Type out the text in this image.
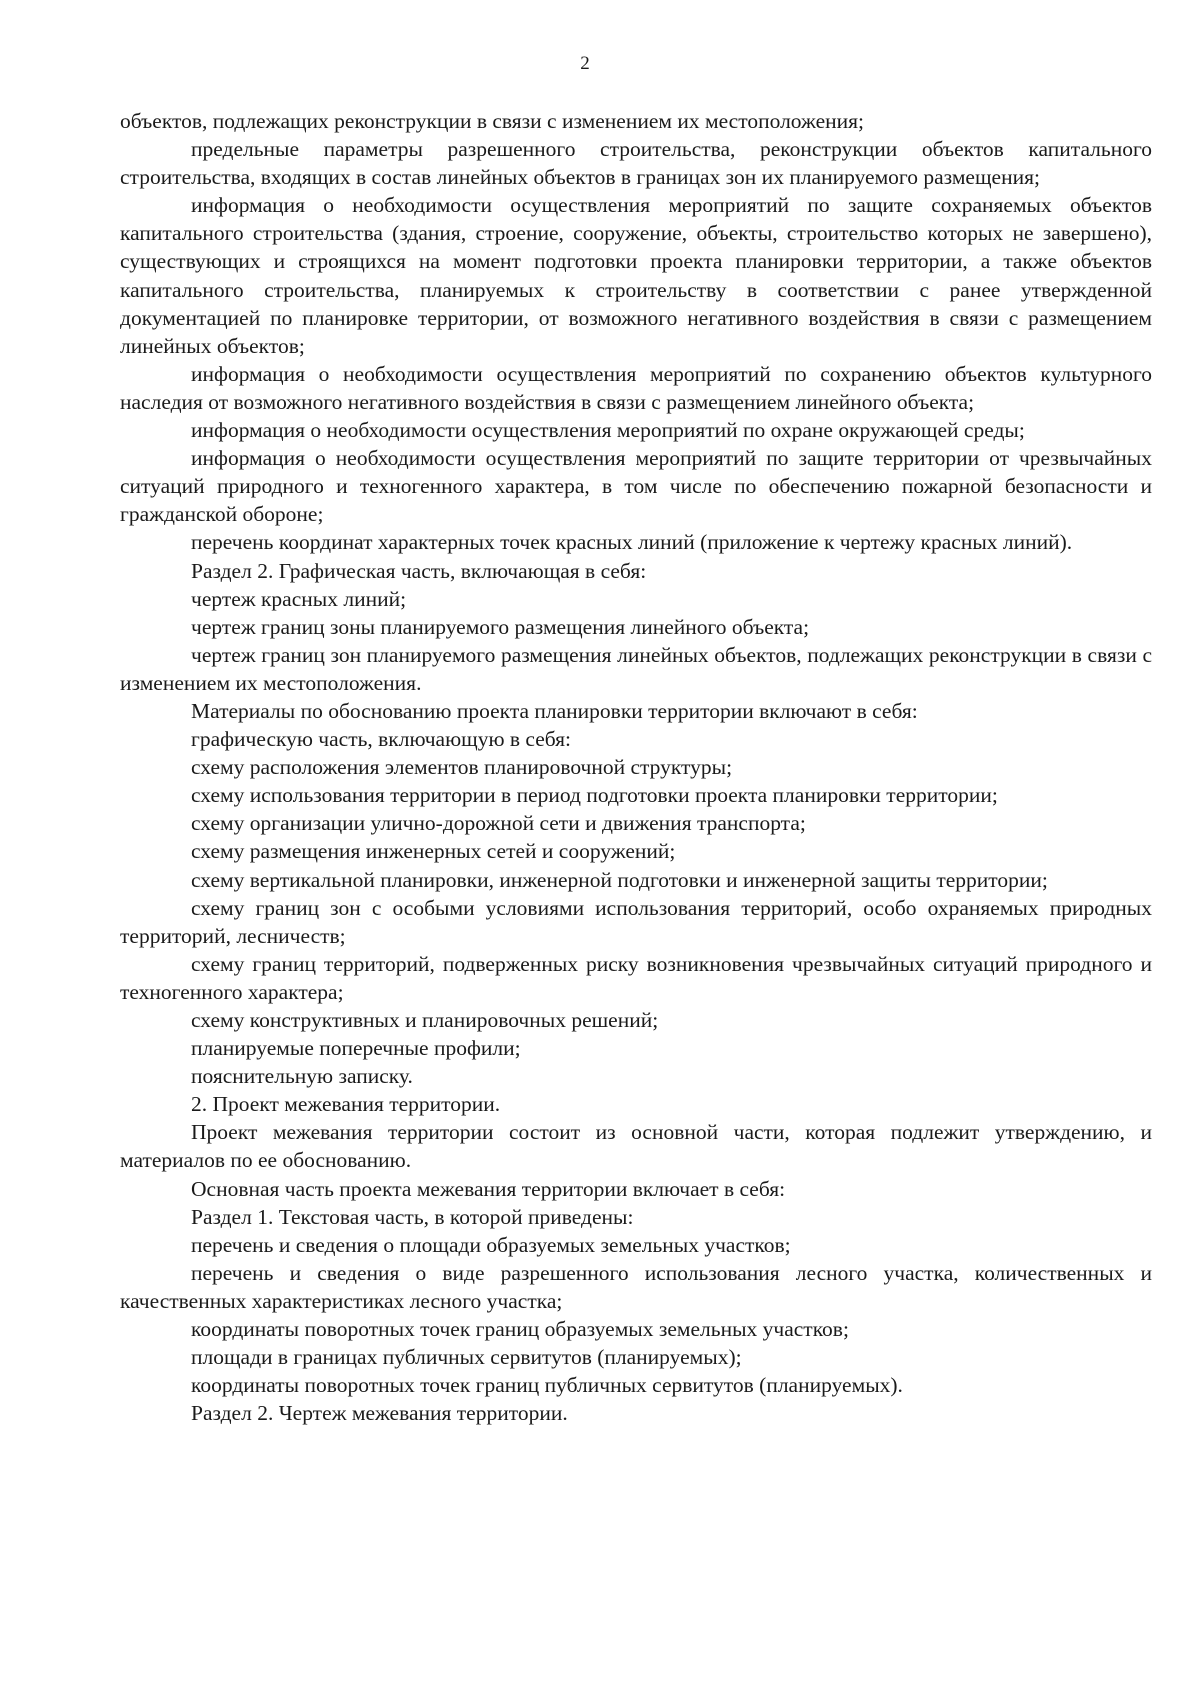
2

объектов, подлежащих реконструкции в связи с изменением их местоположения;

предельные параметры разрешенного строительства, реконструкции объектов капитального строительства, входящих в состав линейных объектов в границах зон их планируемого размещения;

информация о необходимости осуществления мероприятий по защите сохраняемых объектов капитального строительства (здания, строение, сооружение, объекты, строительство которых не завершено), существующих и строящихся на момент подготовки проекта планировки территории, а также объектов капитального строительства, планируемых к строительству в соответствии с ранее утвержденной документацией по планировке территории, от возможного негативного воздействия в связи с размещением линейных объектов;

информация о необходимости осуществления мероприятий по сохранению объектов культурного наследия от возможного негативного воздействия в связи с размещением линейного объекта;

информация о необходимости осуществления мероприятий по охране окружающей среды;

информация о необходимости осуществления мероприятий по защите территории от чрезвычайных ситуаций природного и техногенного характера, в том числе по обеспечению пожарной безопасности и гражданской обороне;

перечень координат характерных точек красных линий (приложение к чертежу красных линий).

Раздел 2. Графическая часть, включающая в себя:

чертеж красных линий;

чертеж границ зоны планируемого размещения линейного объекта;

чертеж границ зон планируемого размещения линейных объектов, подлежащих реконструкции в связи с изменением их местоположения.

Материалы по обоснованию проекта планировки территории включают в себя:

графическую часть, включающую в себя:

схему расположения элементов планировочной структуры;

схему использования территории в период подготовки проекта планировки территории;

схему организации улично-дорожной сети и движения транспорта;

схему размещения инженерных сетей и сооружений;

схему вертикальной планировки, инженерной подготовки и инженерной защиты территории;

схему границ зон с особыми условиями использования территорий, особо охраняемых природных территорий, лесничеств;

схему границ территорий, подверженных риску возникновения чрезвычайных ситуаций природного и техногенного характера;

схему конструктивных и планировочных решений;

планируемые поперечные профили;

пояснительную записку.

2. Проект межевания территории.

Проект межевания территории состоит из основной части, которая подлежит утверждению, и материалов по ее обоснованию.

Основная часть проекта межевания территории включает в себя:

Раздел 1. Текстовая часть, в которой приведены:

перечень и сведения о площади образуемых земельных участков;

перечень и сведения о виде разрешенного использования лесного участка, количественных и качественных характеристиках лесного участка;

координаты поворотных точек границ образуемых земельных участков;

площади в границах публичных сервитутов (планируемых);

координаты поворотных точек границ публичных сервитутов (планируемых).

Раздел 2. Чертеж межевания территории.
